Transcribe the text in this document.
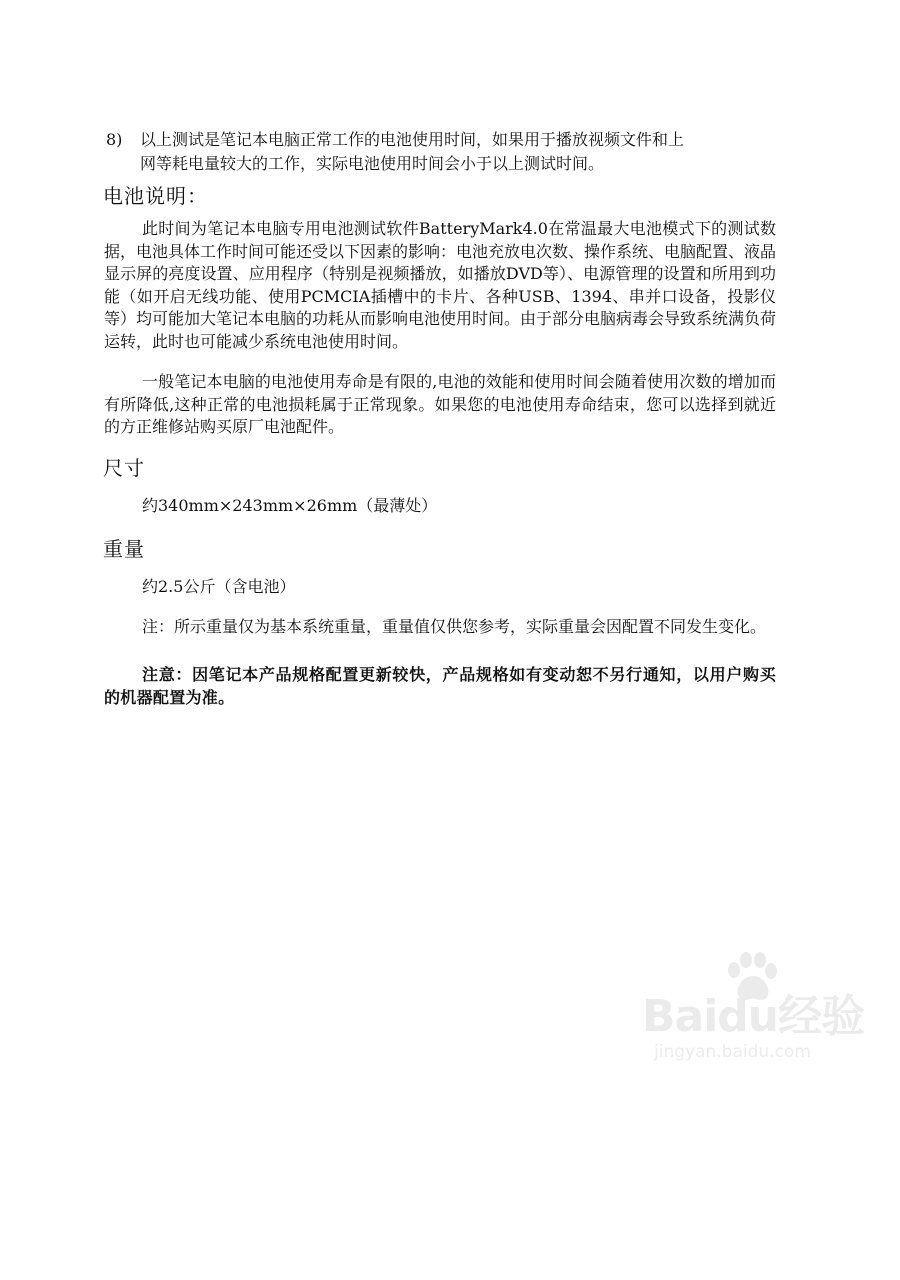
8) 以上测试是笔记本电脑正常工作的电池使用时间，如果用于播放视频文件和上
网等耗电量较大的工作，实际电池使用时间会小于以上测试时间。
电池说明：
此时间为笔记本电脑专用电池测试软件BatteryMark4.0在常温最大电池模式下的测试数据，电池具体工作时间可能还受以下因素的影响：电池充放电次数、操作系统、电脑配置、液晶显示屏的亮度设置、应用程序（特别是视频播放，如播放DVD等）、电源管理的设置和所用到功能（如开启无线功能、使用PCMCIA插槽中的卡片、各种USB、1394、串并口设备，投影仪等）均可能加大笔记本电脑的功耗从而影响电池使用时间。由于部分电脑病毒会导致系统满负荷运转，此时也可能减少系统电池使用时间。
一般笔记本电脑的电池使用寿命是有限的,电池的效能和使用时间会随着使用次数的增加而有所降低,这种正常的电池损耗属于正常现象。如果您的电池使用寿命结束，您可以选择到就近的方正维修站购买原厂电池配件。
尺寸
约340mm×243mm×26mm（最薄处）
重量
约2.5公斤（含电池）
注：所示重量仅为基本系统重量，重量值仅供您参考，实际重量会因配置不同发生变化。
注意：因笔记本产品规格配置更新较快，产品规格如有变动恕不另行通知，以用户购买的机器配置为准。
Baidu经验
jingyan.baidu.com
